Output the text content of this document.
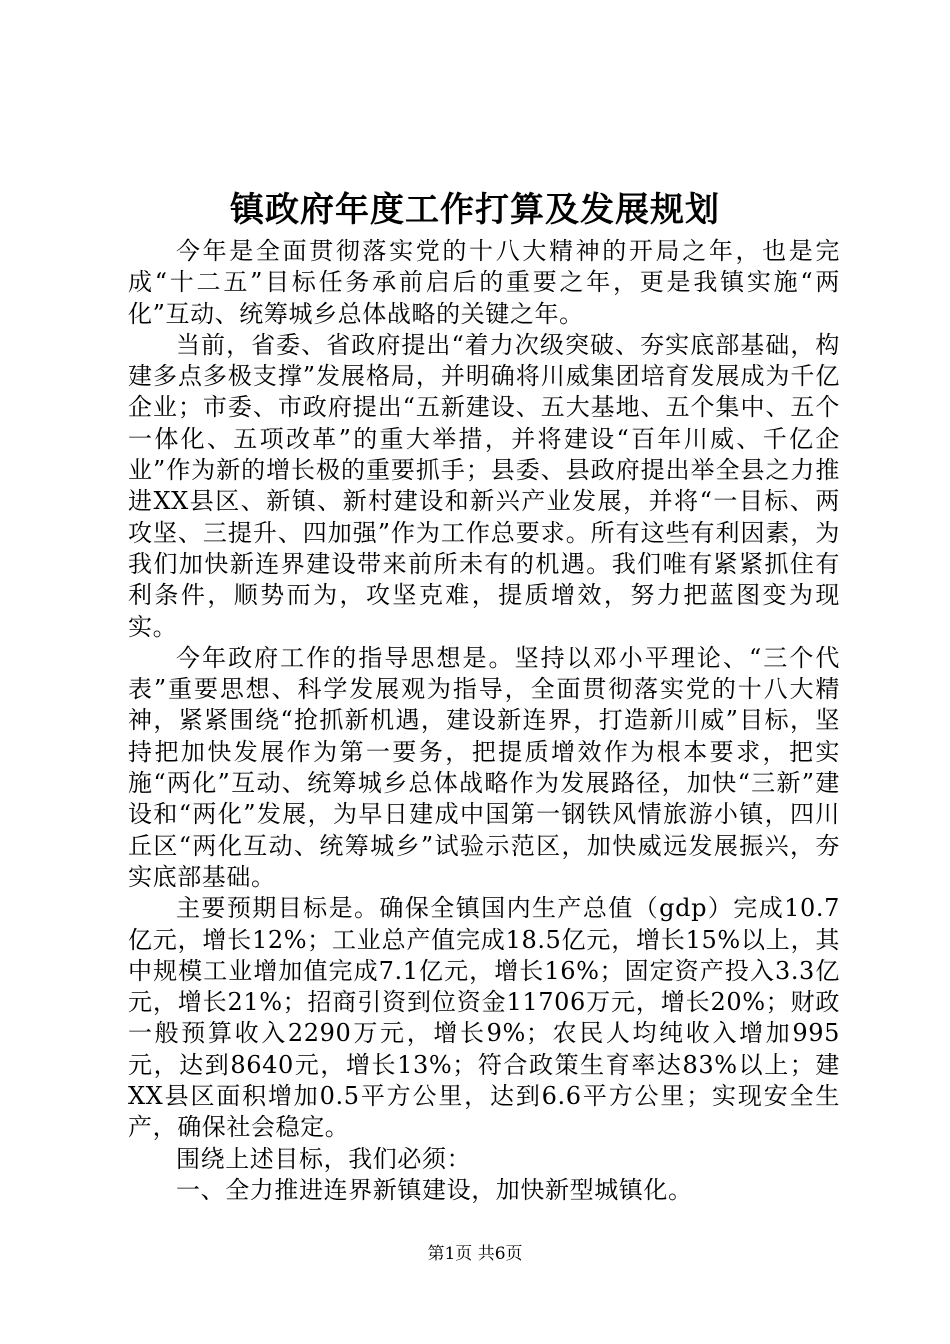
镇政府年度工作打算及发展规划

今年是全面贯彻落实党的十八大精神的开局之年，也是完成“十二五”目标任务承前启后的重要之年，更是我镇实施“两化”互动、统筹城乡总体战略的关键之年。

当前，省委、省政府提出“着力次级突破、夯实底部基础，构建多点多极支撑”发展格局，并明确将川威集团培育发展成为千亿企业；市委、市政府提出“五新建设、五大基地、五个集中、五个一体化、五项改革”的重大举措，并将建设“百年川威、千亿企业”作为新的增长极的重要抓手；县委、县政府提出举全县之力推进XX县区、新镇、新村建设和新兴产业发展，并将“一目标、两攻坚、三提升、四加强”作为工作总要求。所有这些有利因素，为我们加快新连界建设带来前所未有的机遇。我们唯有紧紧抓住有利条件，顺势而为，攻坚克难，提质增效，努力把蓝图变为现实。

今年政府工作的指导思想是。坚持以邓小平理论、“三个代表”重要思想、科学发展观为指导，全面贯彻落实党的十八大精神，紧紧围绕“抢抓新机遇，建设新连界，打造新川威”目标，坚持把加快发展作为第一要务，把提质增效作为根本要求，把实施“两化”互动、统筹城乡总体战略作为发展路径，加快“三新”建设和“两化”发展，为早日建成中国第一钢铁风情旅游小镇，四川丘区“两化互动、统筹城乡”试验示范区，加快威远发展振兴，夯实底部基础。

主要预期目标是。确保全镇国内生产总值（gdp）完成10.7亿元，增长12%；工业总产值完成18.5亿元，增长15%以上，其中规模工业增加值完成7.1亿元，增长16%；固定资产投入3.3亿元，增长21%；招商引资到位资金11706万元，增长20%；财政一般预算收入2290万元，增长9%；农民人均纯收入增加995元，达到8640元，增长13%；符合政策生育率达83%以上；建XX县区面积增加0.5平方公里，达到6.6平方公里；实现安全生产，确保社会稳定。

围绕上述目标，我们必须：

一、全力推进连界新镇建设，加快新型城镇化。

第1页 共6页
